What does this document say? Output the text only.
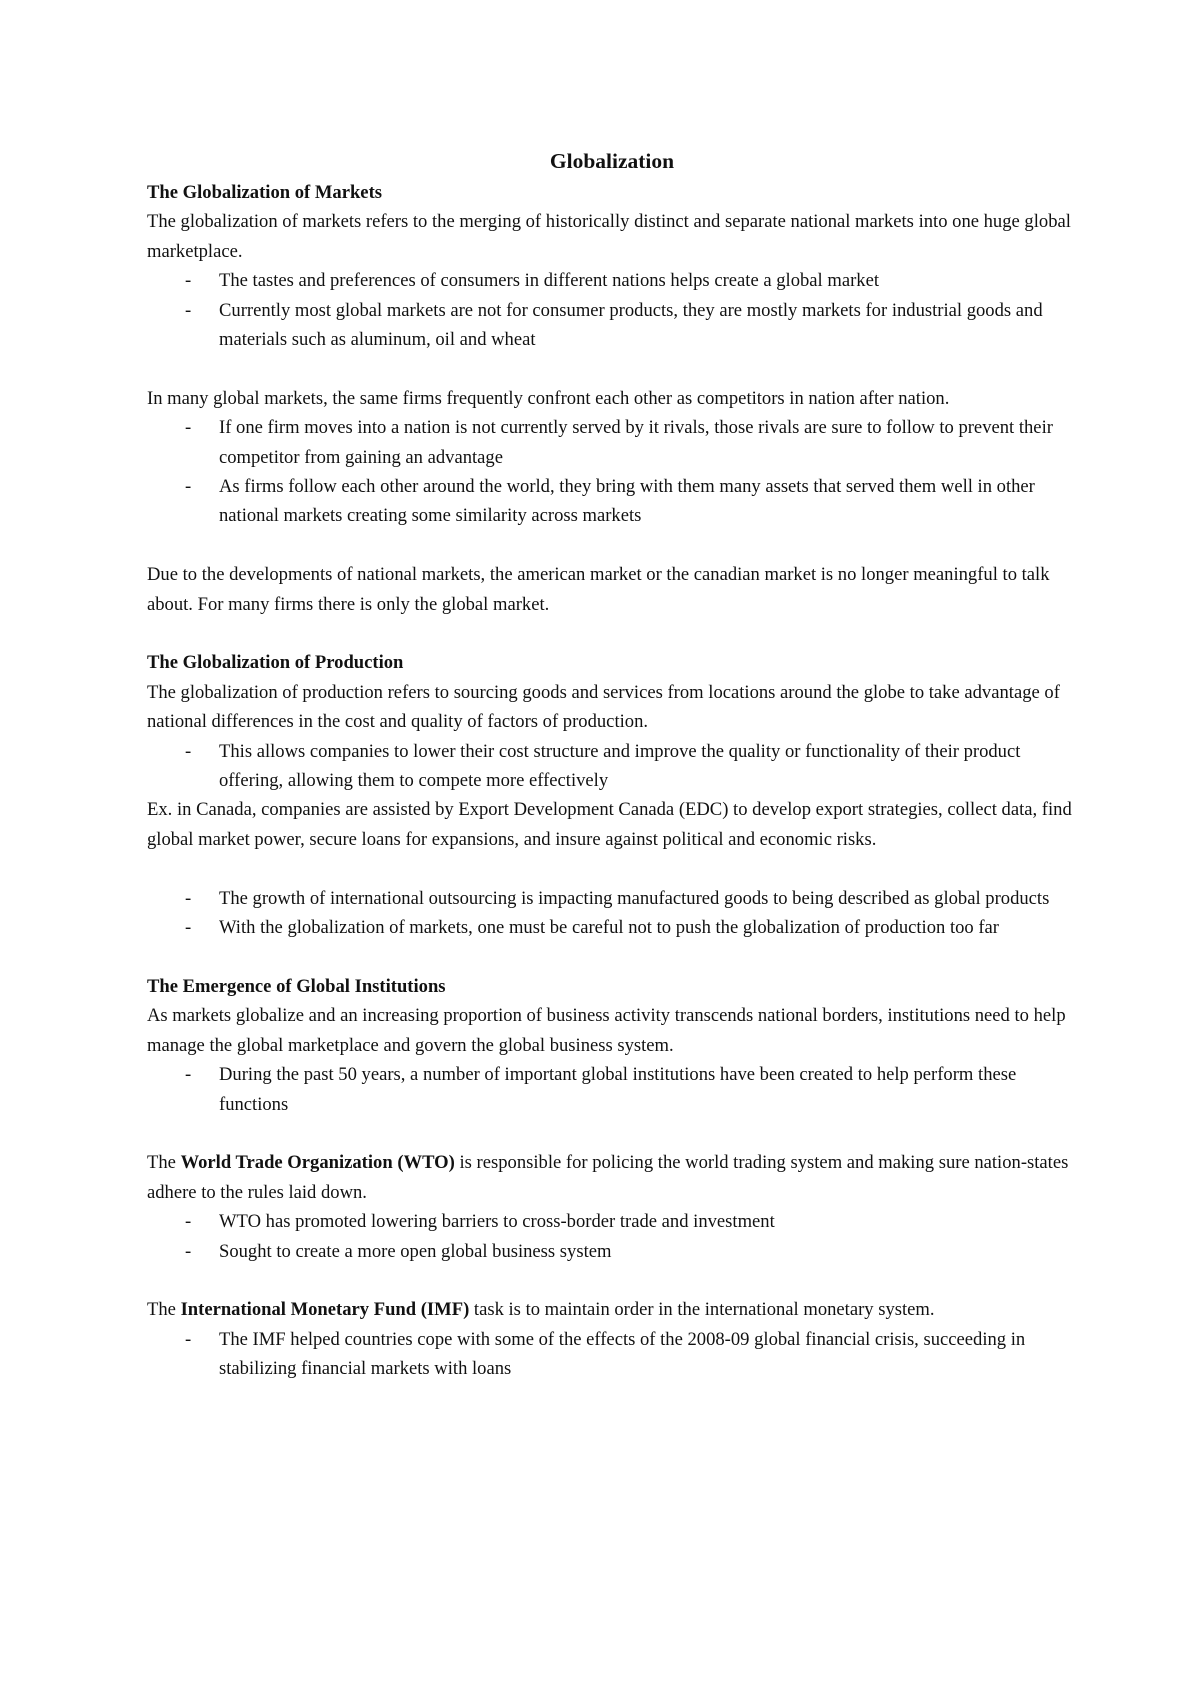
Globalization
The Globalization of Markets

The globalization of markets refers to the merging of historically distinct and separate national markets into one huge global marketplace.

- The tastes and preferences of consumers in different nations helps create a global market
- Currently most global markets are not for consumer products, they are mostly markets for industrial goods and materials such as aluminum, oil and wheat

In many global markets, the same firms frequently confront each other as competitors in nation after nation.

- If one firm moves into a nation is not currently served by it rivals, those rivals are sure to follow to prevent their competitor from gaining an advantage
- As firms follow each other around the world, they bring with them many assets that served them well in other national markets creating some similarity across markets

Due to the developments of national markets, the american market or the canadian market is no longer meaningful to talk about. For many firms there is only the global market.

The Globalization of Production

The globalization of production refers to sourcing goods and services from locations around the globe to take advantage of national differences in the cost and quality of factors of production.

- This allows companies to lower their cost structure and improve the quality or functionality of their product offering, allowing them to compete more effectively

Ex. in Canada, companies are assisted by Export Development Canada (EDC) to develop export strategies, collect data, find global market power, secure loans for expansions, and insure against political and economic risks.

- The growth of international outsourcing is impacting manufactured goods to being described as global products
- With the globalization of markets, one must be careful not to push the globalization of production too far
The Emergence of Global Institutions

As markets globalize and an increasing proportion of business activity transcends national borders, institutions need to help manage the global marketplace and govern the global business system.

- During the past 50 years, a number of important global institutions have been created to help perform these functions

The World Trade Organization (WTO) is responsible for policing the world trading system and making sure nation-states adhere to the rules laid down.

- WTO has promoted lowering barriers to cross-border trade and investment
- Sought to create a more open global business system

The International Monetary Fund (IMF) task is to maintain order in the international monetary system.

- The IMF helped countries cope with some of the effects of the 2008-09 global financial crisis, succeeding in stabilizing financial markets with loans
